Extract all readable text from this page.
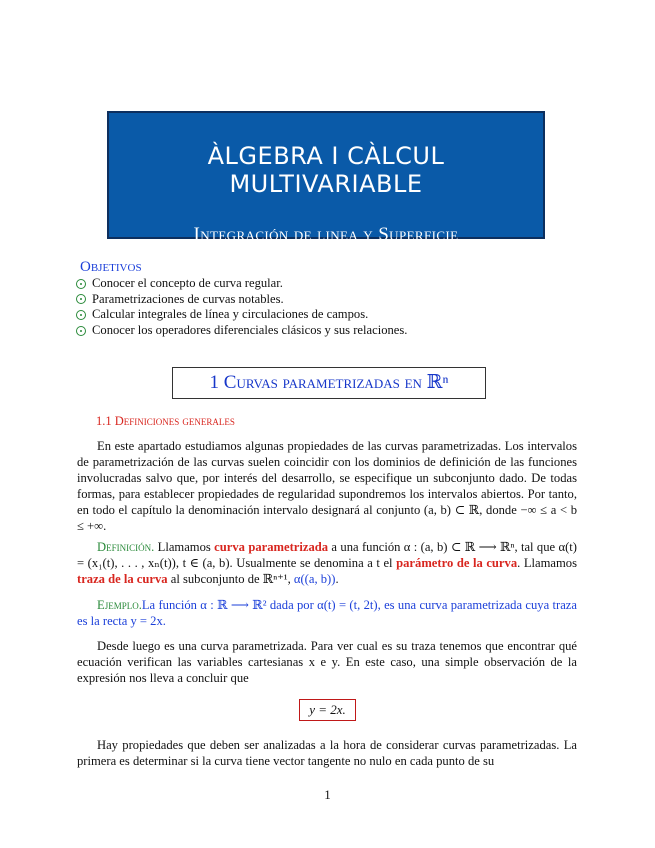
ÀLGEBRA I CÀLCUL MULTIVARIABLE
Integración de linea y Superficie
Objetivos
Conocer el concepto de curva regular.
Parametrizaciones de curvas notables.
Calcular integrales de línea y circulaciones de campos.
Conocer los operadores diferenciales clásicos y sus relaciones.
1 Curvas parametrizadas en ℝⁿ
1.1 Definiciones generales
En este apartado estudiamos algunas propiedades de las curvas parametrizadas. Los intervalos de parametrización de las curvas suelen coincidir con los dominios de definición de las funciones involucradas salvo que, por interés del desarrollo, se especifique un subconjunto dado. De todas formas, para establecer propiedades de regularidad supondremos los intervalos abiertos. Por tanto, en todo el capítulo la denominación intervalo designará al conjunto (a, b) ⊂ ℝ, donde −∞ ≤ a < b ≤ +∞.
Definición. Llamamos curva parametrizada a una función α : (a, b) ⊂ ℝ ⟶ ℝⁿ, tal que α(t) = (x₁(t), . . . , xₙ(t)), t ∈ (a, b). Usualmente se denomina a t el parámetro de la curva. Llamamos traza de la curva al subconjunto de ℝⁿ⁺¹, α((a, b)).
Ejemplo.La función α : ℝ ⟶ ℝ² dada por α(t) = (t, 2t), es una curva parametrizada cuya traza es la recta y = 2x.
Desde luego es una curva parametrizada. Para ver cual es su traza tenemos que encontrar qué ecuación verifican las variables cartesianas x e y. En este caso, una simple observación de la expresión nos lleva a concluir que
y = 2x.
Hay propiedades que deben ser analizadas a la hora de considerar curvas parametrizadas. La primera es determinar si la curva tiene vector tangente no nulo en cada punto de su
1
